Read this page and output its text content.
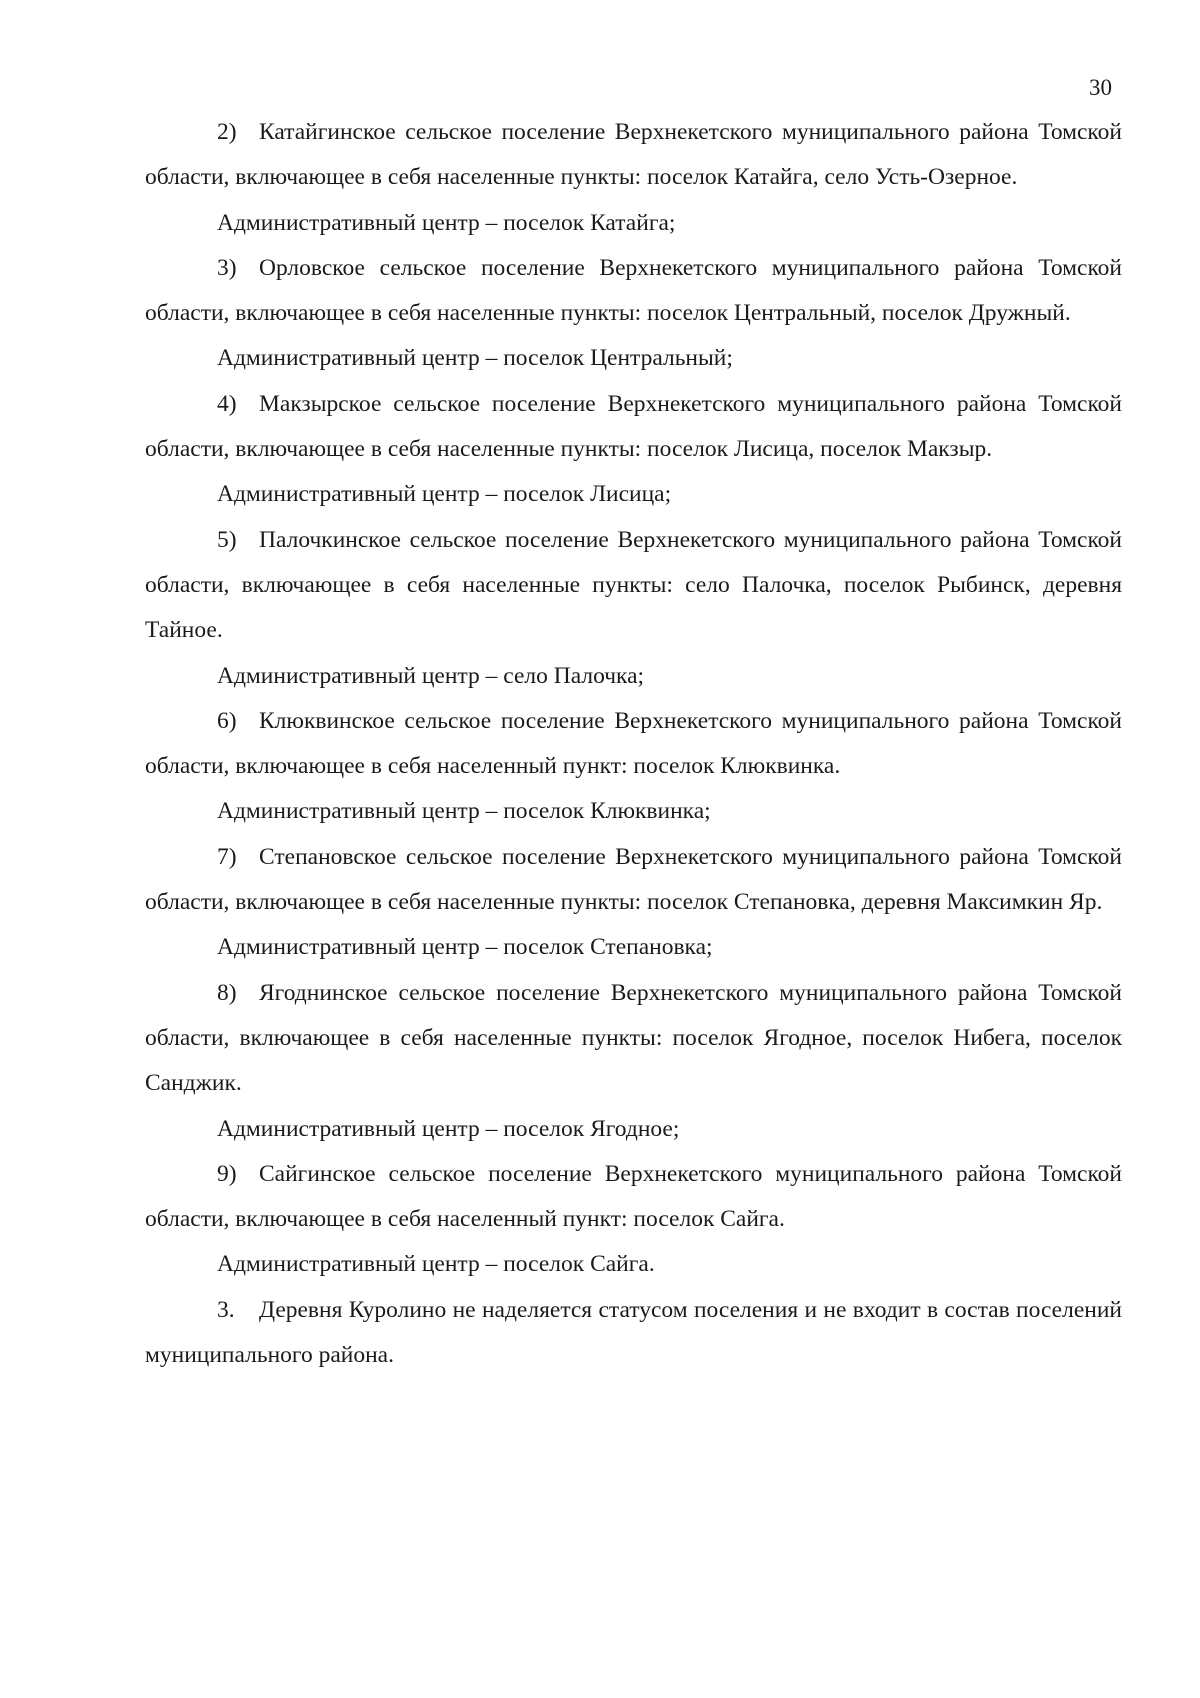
30

2) Катайгинское сельское поселение Верхнекетского муниципального района Томской области, включающее в себя населенные пункты: поселок Катайга, село Усть-Озерное.

Административный центр – поселок Катайга;

3) Орловское сельское поселение Верхнекетского муниципального района Томской области, включающее в себя населенные пункты: поселок Центральный, поселок Дружный.

Административный центр – поселок Центральный;

4) Макзырское сельское поселение Верхнекетского муниципального района Томской области, включающее в себя населенные пункты: поселок Лисица, поселок Макзыр.

Административный центр – поселок Лисица;

5) Палочкинское сельское поселение Верхнекетского муниципального района Томской области, включающее в себя населенные пункты: село Палочка, поселок Рыбинск, деревня Тайное.

Административный центр – село Палочка;

6) Клюквинское сельское поселение Верхнекетского муниципального района Томской области, включающее в себя населенный пункт: поселок Клюквинка.

Административный центр – поселок Клюквинка;

7) Степановское сельское поселение Верхнекетского муниципального района Томской области, включающее в себя населенные пункты: поселок Степановка, деревня Максимкин Яр.

Административный центр – поселок Степановка;

8) Ягоднинское сельское поселение Верхнекетского муниципального района Томской области, включающее в себя населенные пункты: поселок Ягодное, поселок Нибега, поселок Санджик.

Административный центр – поселок Ягодное;

9) Сайгинское сельское поселение Верхнекетского муниципального района Томской области, включающее в себя населенный пункт: поселок Сайга.

Административный центр – поселок Сайга.

3. Деревня Куролино не наделяется статусом поселения и не входит в состав поселений муниципального района.
